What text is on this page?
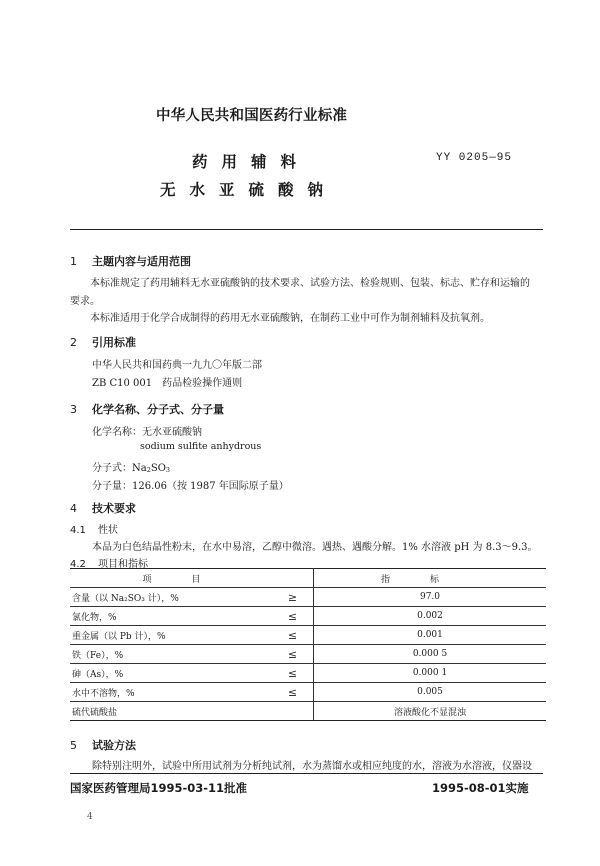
中华人民共和国医药行业标准
YY 0205—95
药用辅料
无水亚硫酸钠
1 主题内容与适用范围
本标准规定了药用辅料无水亚硫酸钠的技术要求、试验方法、检验规则、包装、标志、贮存和运输的
要求。
本标准适用于化学合成制得的药用无水亚硫酸钠，在制药工业中可作为制剂辅料及抗氧剂。
2 引用标准
中华人民共和国药典一九九〇年版二部
ZB C10 001　药品检验操作通则
3 化学名称、分子式、分子量
化学名称：无水亚硫酸钠
sodium sulfite anhydrous
分子式：$Na_2SO_3$
分子量：126.06（按 1987 年国际原子量）
4 技术要求
4.1 性状
本品为白色结晶性粉末，在水中易溶，乙醇中微溶。遇热、遇酸分解。1% 水溶液 pH 为 8.3～9.3。
4.2 项目和指标
项目		指标
含量（以 Na₂SO₃ 计），%	≥	97.0
氯化物，%	≤	0.002
重金属（以 Pb 计），%	≤	0.001
铁（Fe），%	≤	0.000 5
砷（As），%	≤	0.000 1
水中不溶物，%	≤	0.005
硫代硫酸盐		溶液酸化不显混浊
5 试验方法
除特别注明外，试验中所用试剂为分析纯试剂，水为蒸馏水或相应纯度的水，溶液为水溶液，仪器设
国家医药管理局1995-03-11批准	1995-08-01实施
4
